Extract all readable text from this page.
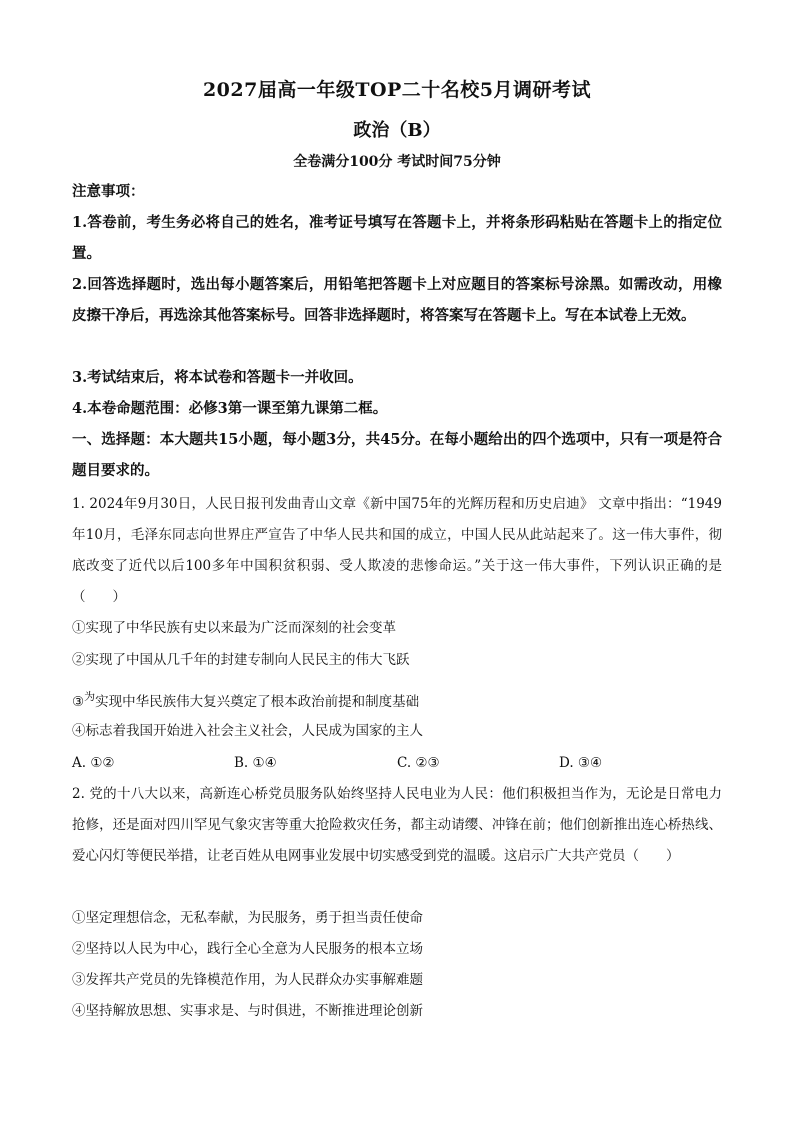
2027届高一年级TOP二十名校5月调研考试
政治（B）
全卷满分100分 考试时间75分钟
注意事项：
1.答卷前，考生务必将自己的姓名，准考证号填写在答题卡上，并将条形码粘贴在答题卡上的指定位置。
2.回答选择题时，选出每小题答案后，用铅笔把答题卡上对应题目的答案标号涂黑。如需改动，用橡皮擦干净后，再选涂其他答案标号。回答非选择题时，将答案写在答题卡上。写在本试卷上无效。
3.考试结束后，将本试卷和答题卡一并收回。
4.本卷命题范围：必修3第一课至第九课第二框。
一、选择题：本大题共15小题，每小题3分，共45分。在每小题给出的四个选项中，只有一项是符合题目要求的。
1. 2024年9月30日，人民日报刊发曲青山文章《新中国75年的光辉历程和历史启迪》 文章中指出：“1949年10月，毛泽东同志向世界庄严宣告了中华人民共和国的成立，中国人民从此站起来了。这一伟大事件，彻底改变了近代以后100多年中国积贫积弱、受人欺凌的悲惨命运。”关于这一伟大事件，下列认识正确的是（　　）
①实现了中华民族有史以来最为广泛而深刻的社会变革
②实现了中国从几千年的封建专制向人民民主的伟大飞跃
③$^为$实现中华民族伟大复兴奠定了根本政治前提和制度基础
④标志着我国开始进入社会主义社会，人民成为国家的主人
A. ①②	B. ①④	C. ②③	D. ③④
2. 党的十八大以来，高新连心桥党员服务队始终坚持人民电业为人民：他们积极担当作为，无论是日常电力抢修，还是面对四川罕见气象灾害等重大抢险救灾任务，都主动请缨、冲锋在前；他们创新推出连心桥热线、爱心闪灯等便民举措，让老百姓从电网事业发展中切实感受到党的温暖。这启示广大共产党员（　　）
①坚定理想信念，无私奉献，为民服务，勇于担当责任使命
②坚持以人民为中心，践行全心全意为人民服务的根本立场
③发挥共产党员的先锋模范作用，为人民群众办实事解难题
④坚持解放思想、实事求是、与时俱进，不断推进理论创新
